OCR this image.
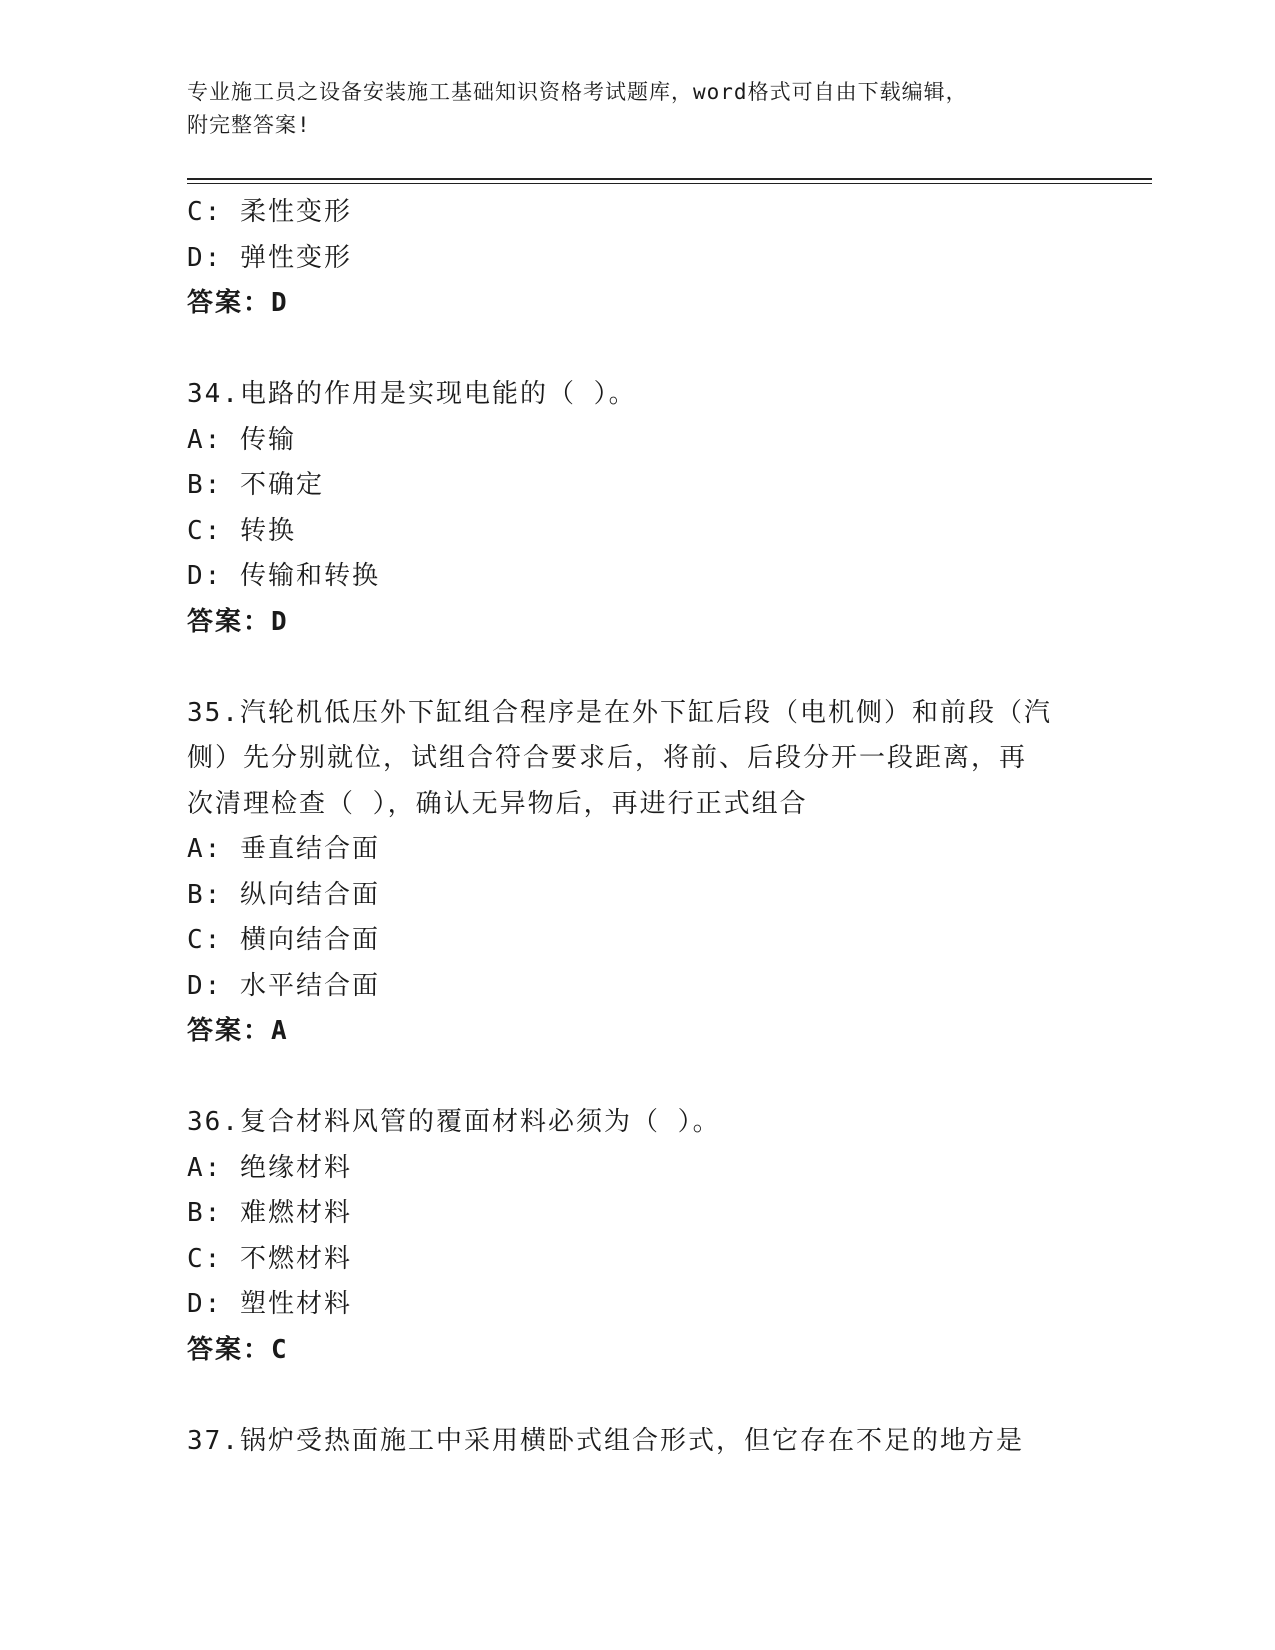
专业施工员之设备安装施工基础知识资格考试题库，word格式可自由下载编辑，
附完整答案!
C: 柔性变形
D: 弹性变形
答案：D
34.电路的作用是实现电能的（ ）。
A: 传输
B: 不确定
C: 转换
D: 传输和转换
答案：D
35.汽轮机低压外下缸组合程序是在外下缸后段（电机侧）和前段（汽
侧）先分别就位，试组合符合要求后，将前、后段分开一段距离，再
次清理检查（ ），确认无异物后，再进行正式组合
A: 垂直结合面
B: 纵向结合面
C: 横向结合面
D: 水平结合面
答案：A
36.复合材料风管的覆面材料必须为（ ）。
A: 绝缘材料
B: 难燃材料
C: 不燃材料
D: 塑性材料
答案：C
37.锅炉受热面施工中采用横卧式组合形式，但它存在不足的地方是
